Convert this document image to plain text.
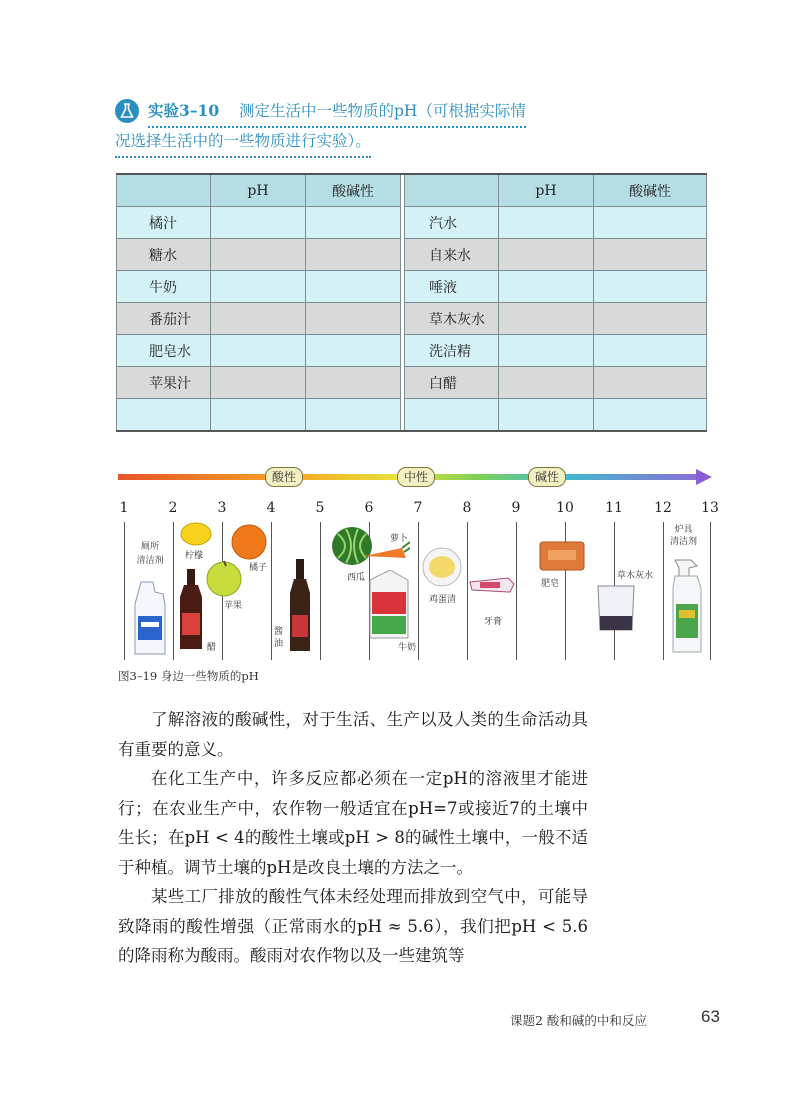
实验3–10 测定生活中一些物质的pH（可根据实际情
况选择生活中的一些物质进行实验）。
	pH	酸碱性			pH	酸碱性
橘汁				汽水		
糖水				自来水		
牛奶				唾液		
番茄汁				草木灰水		
肥皂水				洗洁精		
苹果汁				白醋		

酸性	中性	碱性
1	2	3	4	5	6	7	8	9	10 11 12 13
厕所
清洁剂 柠檬
醋
橘子
苹果
酱
油
西瓜
萝卜
牛奶
鸡蛋清
牙膏
肥皂
草木灰水
炉具
清洁剂
图3–19 身边一些物质的pH

了解溶液的酸碱性，对于生活、生产以及人类的生命活动具有重要的意义。

在化工生产中，许多反应都必须在一定pH的溶液里才能进行；在农业生产中，农作物一般适宜在pH=7或接近7的土壤中生长；在pH < 4的酸性土壤或pH > 8的碱性土壤中，一般不适于种植。调节土壤的pH是改良土壤的方法之一。

某些工厂排放的酸性气体未经处理而排放到空气中，可能导致降雨的酸性增强（正常雨水的pH ≈ 5.6），我们把pH < 5.6的降雨称为酸雨。酸雨对农作物以及一些建筑等

课题2 酸和碱的中和反应	63
